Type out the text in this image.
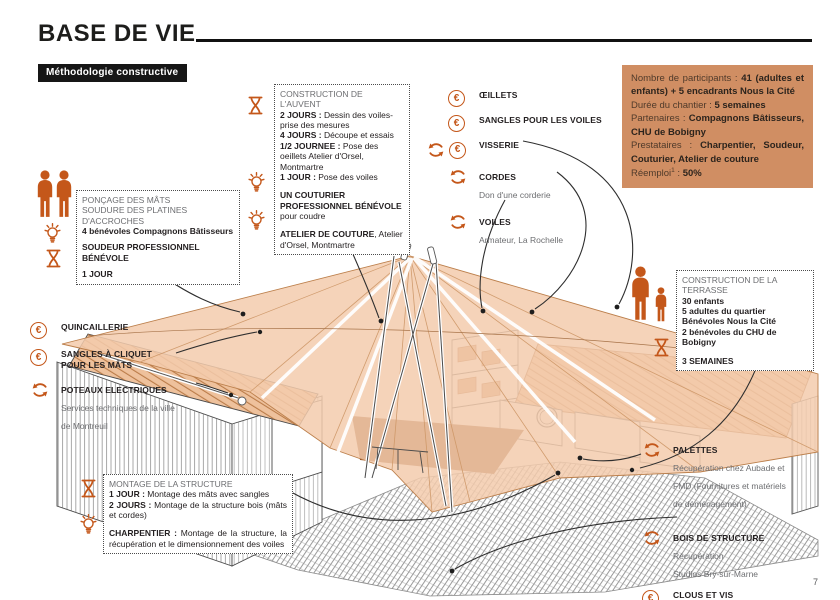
BASE DE VIE
Méthodologie constructive
7
Nombre de participants : 41 (adultes et enfants) + 5 encadrants Nous la Cité
Durée du chantier : 5 semaines
Partenaires : Compagnons Bâtisseurs, CHU de Bobigny
Prestataires : Charpentier, Soudeur, Couturier, Atelier de couture
Réemploi$^1$ : 50%
PONÇAGE DES MÂTS
SOUDURE DES PLATINES D'ACCROCHES
4 bénévoles Compagnons Bâtisseurs
SOUDEUR PROFESSIONNEL BÉNÉVOLE
1 JOUR
CONSTRUCTION DE L'AUVENT
2 JOURS : Dessin des voiles- prise des mesures
4 JOURS : Découpe et essais
1/2 JOURNEE : Pose des oeillets Atelier d'Orsel, Montmartre
1 JOUR : Pose des voiles
UN COUTURIER PROFESSIONNEL BÉNÉVOLE pour coudre
ATELIER DE COUTURE, Atelier d'Orsel, Montmartre
€	ŒILLETS
€	SANGLES POUR LES VOILES
€	VISSERIE
CORDES
Don d'une corderie
VOILES
Armateur, La Rochelle
CONSTRUCTION DE LA TERRASSE
30 enfants
5 adultes du quartier
Bénévoles Nous la Cité
2 bénévoles du CHU de Bobigny
3 SEMAINES
€	QUINCAILLERIE
€	SANGLES À CLIQUET POUR LES MÂTS
POTEAUX ELECTRIQUES
Services techniques de la ville de Montreuil
MONTAGE DE LA STRUCTURE
1 JOUR : Montage des mâts avec sangles
2 JOURS : Montage de la structure bois (mâts et cordes)
CHARPENTIER : Montage de la structure, la récupération et le dimensionnement des voiles
PALETTES
Récupération chez Aubade et FMD (Fournitures et matériels de déménagement)
BOIS DE STRUCTURE
Récupération
Studios Bry-sur-Marne
€	CLOUS ET VIS
